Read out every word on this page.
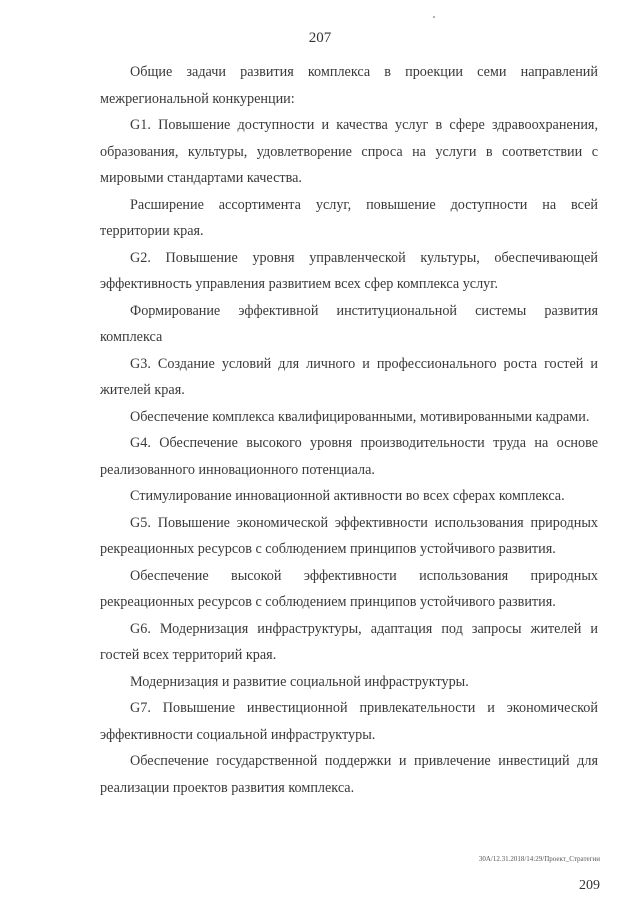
207

Общие задачи развития комплекса в проекции семи направлений межрегиональной конкуренции:

G1. Повышение доступности и качества услуг в сфере здравоохранения, образования, культуры, удовлетворение спроса на услуги в соответствии с мировыми стандартами качества.

Расширение ассортимента услуг, повышение доступности на всей территории края.

G2. Повышение уровня управленческой культуры, обеспечивающей эффективность управления развитием всех сфер комплекса услуг.

Формирование эффективной институциональной системы развития комплекса

G3. Создание условий для личного и профессионального роста гостей и жителей края.

Обеспечение комплекса квалифицированными, мотивированными кадрами.

G4. Обеспечение высокого уровня производительности труда на основе реализованного инновационного потенциала.

Стимулирование инновационной активности во всех сферах комплекса.

G5. Повышение экономической эффективности использования природных рекреационных ресурсов с соблюдением принципов устойчивого развития.

Обеспечение высокой эффективности использования природных рекреационных ресурсов с соблюдением принципов устойчивого развития.

G6. Модернизация инфраструктуры, адаптация под запросы жителей и гостей всех территорий края.

Модернизация и развитие социальной инфраструктуры.

G7. Повышение инвестиционной привлекательности и экономической эффективности социальной инфраструктуры.

Обеспечение государственной поддержки и привлечение инвестиций для реализации проектов развития комплекса.

30А/12.31.2018/14:29/Проект_Стратегии
209
